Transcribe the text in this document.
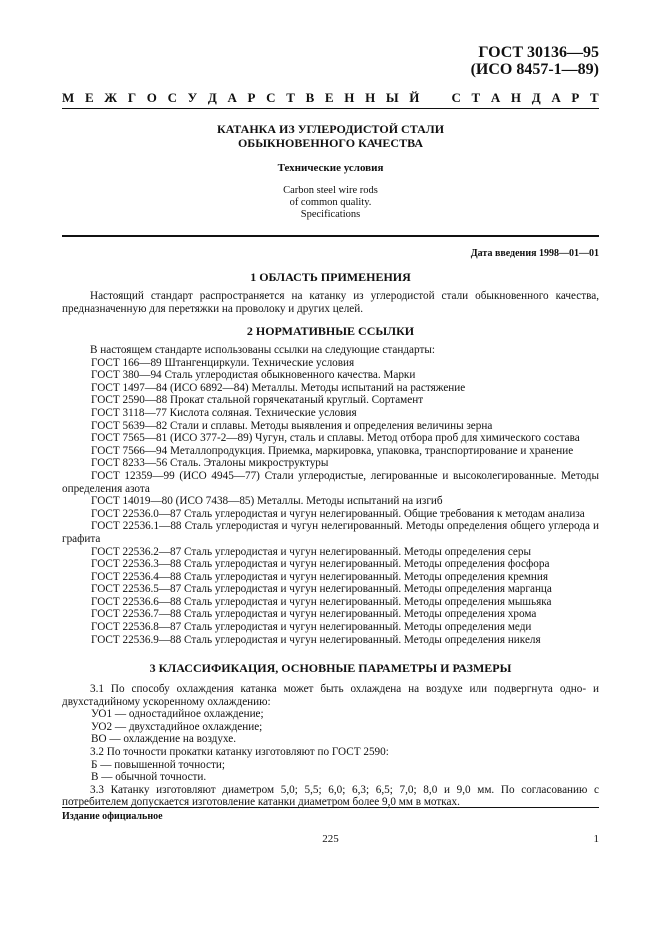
ГОСТ 30136—95
(ИСО 8457-1—89)
М Е Ж Г О С У Д А Р С Т В Е Н Н Ы Й С Т А Н Д А Р Т
КАТАНКА ИЗ УГЛЕРОДИСТОЙ СТАЛИ
ОБЫКНОВЕННОГО КАЧЕСТВА
Технические условия
Carbon steel wire rods
of common quality.
Specifications
Дата введения 1998—01—01
1 ОБЛАСТЬ ПРИМЕНЕНИЯ

Настоящий стандарт распространяется на катанку из углеродистой стали обыкновенного качества, предназначенную для перетяжки на проволоку и других целей.

2 НОРМАТИВНЫЕ ССЫЛКИ

В настоящем стандарте использованы ссылки на следующие стандарты:

ГОСТ 166—89 Штангенциркули. Технические условия

ГОСТ 380—94 Сталь углеродистая обыкновенного качества. Марки

ГОСТ 1497—84 (ИСО 6892—84) Металлы. Методы испытаний на растяжение

ГОСТ 2590—88 Прокат стальной горячекатаный круглый. Сортамент

ГОСТ 3118—77 Кислота соляная. Технические условия

ГОСТ 5639—82 Стали и сплавы. Методы выявления и определения величины зерна

ГОСТ 7565—81 (ИСО 377-2—89) Чугун, сталь и сплавы. Метод отбора проб для химического состава

ГОСТ 7566—94 Металлопродукция. Приемка, маркировка, упаковка, транспортирование и хранение

ГОСТ 8233—56 Сталь. Эталоны микроструктуры

ГОСТ 12359—99 (ИСО 4945—77) Стали углеродистые, легированные и высоколегированные. Методы определения азота

ГОСТ 14019—80 (ИСО 7438—85) Металлы. Методы испытаний на изгиб

ГОСТ 22536.0—87 Сталь углеродистая и чугун нелегированный. Общие требования к методам анализа

ГОСТ 22536.1—88 Сталь углеродистая и чугун нелегированный. Методы определения общего углерода и графита

ГОСТ 22536.2—87 Сталь углеродистая и чугун нелегированный. Методы определения серы

ГОСТ 22536.3—88 Сталь углеродистая и чугун нелегированный. Методы определения фосфора

ГОСТ 22536.4—88 Сталь углеродистая и чугун нелегированный. Методы определения кремния

ГОСТ 22536.5—87 Сталь углеродистая и чугун нелегированный. Методы определения марганца

ГОСТ 22536.6—88 Сталь углеродистая и чугун нелегированный. Методы определения мышьяка

ГОСТ 22536.7—88 Сталь углеродистая и чугун нелегированный. Методы определения хрома

ГОСТ 22536.8—87 Сталь углеродистая и чугун нелегированный. Методы определения меди

ГОСТ 22536.9—88 Сталь углеродистая и чугун нелегированный. Методы определения никеля

3 КЛАССИФИКАЦИЯ, ОСНОВНЫЕ ПАРАМЕТРЫ И РАЗМЕРЫ

3.1 По способу охлаждения катанка может быть охлаждена на воздухе или подвергнута одно- и двухстадийному ускоренному охлаждению:

УО1 — одностадийное охлаждение;
УО2 — двухстадийное охлаждение;
ВО — охлаждение на воздухе.

3.2 По точности прокатки катанку изготовляют по ГОСТ 2590:

Б — повышенной точности;
В — обычной точности.

3.3 Катанку изготовляют диаметром 5,0; 5,5; 6,0; 6,3; 6,5; 7,0; 8,0 и 9,0 мм. По согласованию с потребителем допускается изготовление катанки диаметром более 9,0 мм в мотках.

Издание официальное
225	1
